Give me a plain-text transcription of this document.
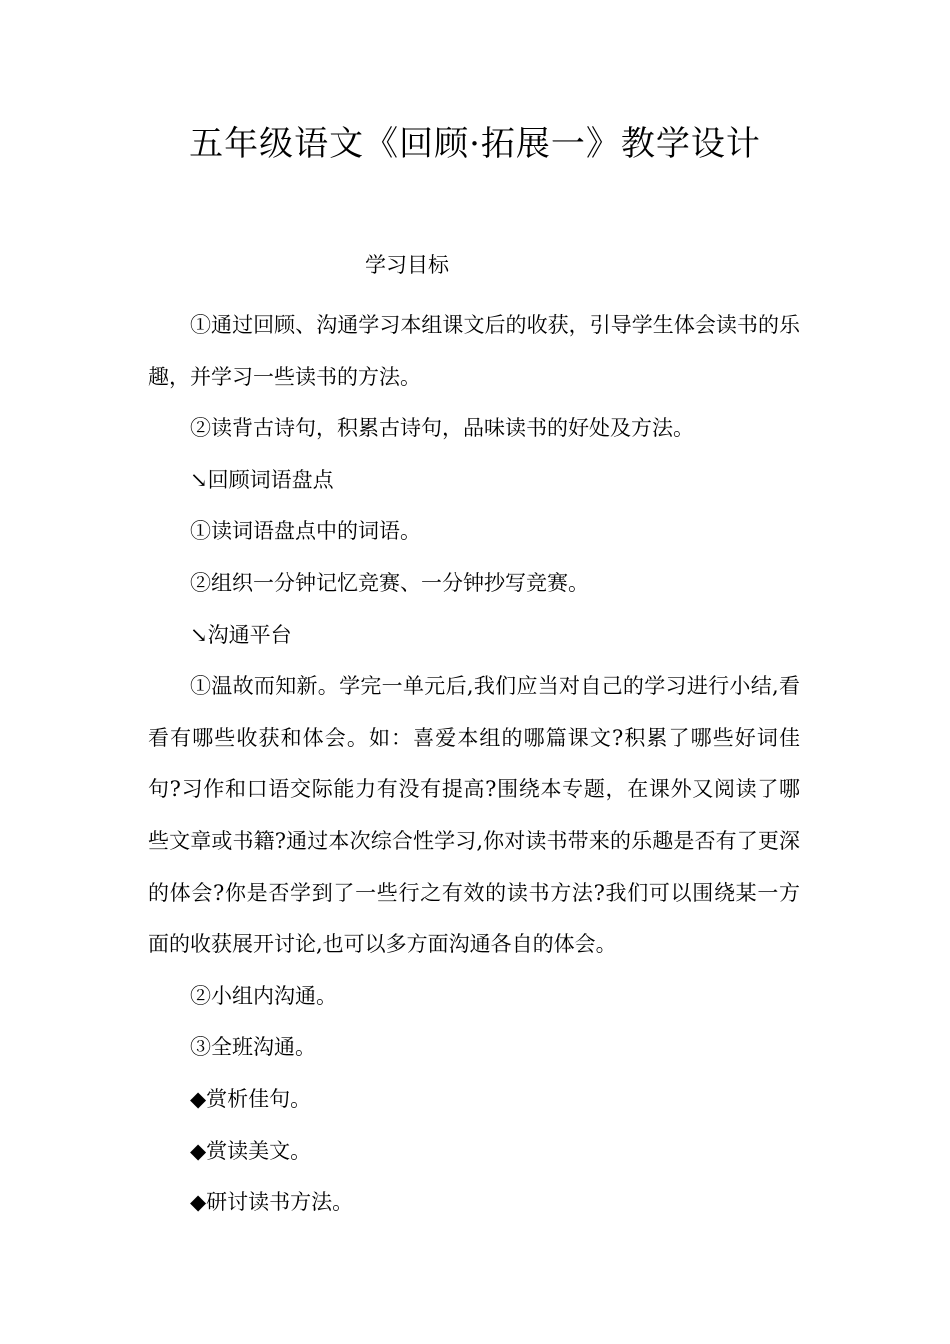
五年级语文《回顾·拓展一》教学设计
学习目标

①通过回顾、沟通学习本组课文后的收获，引导学生体会读书的乐趣，并学习一些读书的方法。

②读背古诗句，积累古诗句，品味读书的好处及方法。

↘回顾词语盘点

①读词语盘点中的词语。

②组织一分钟记忆竞赛、一分钟抄写竞赛。

↘沟通平台

①温故而知新。学完一单元后,我们应当对自己的学习进行小结,看看有哪些收获和体会。如：喜爱本组的哪篇课文?积累了哪些好词佳句?习作和口语交际能力有没有提高?围绕本专题，在课外又阅读了哪些文章或书籍?通过本次综合性学习,你对读书带来的乐趣是否有了更深的体会?你是否学到了一些行之有效的读书方法?我们可以围绕某一方面的收获展开讨论,也可以多方面沟通各自的体会。

②小组内沟通。

③全班沟通。

◆赏析佳句。

◆赏读美文。

◆研讨读书方法。
